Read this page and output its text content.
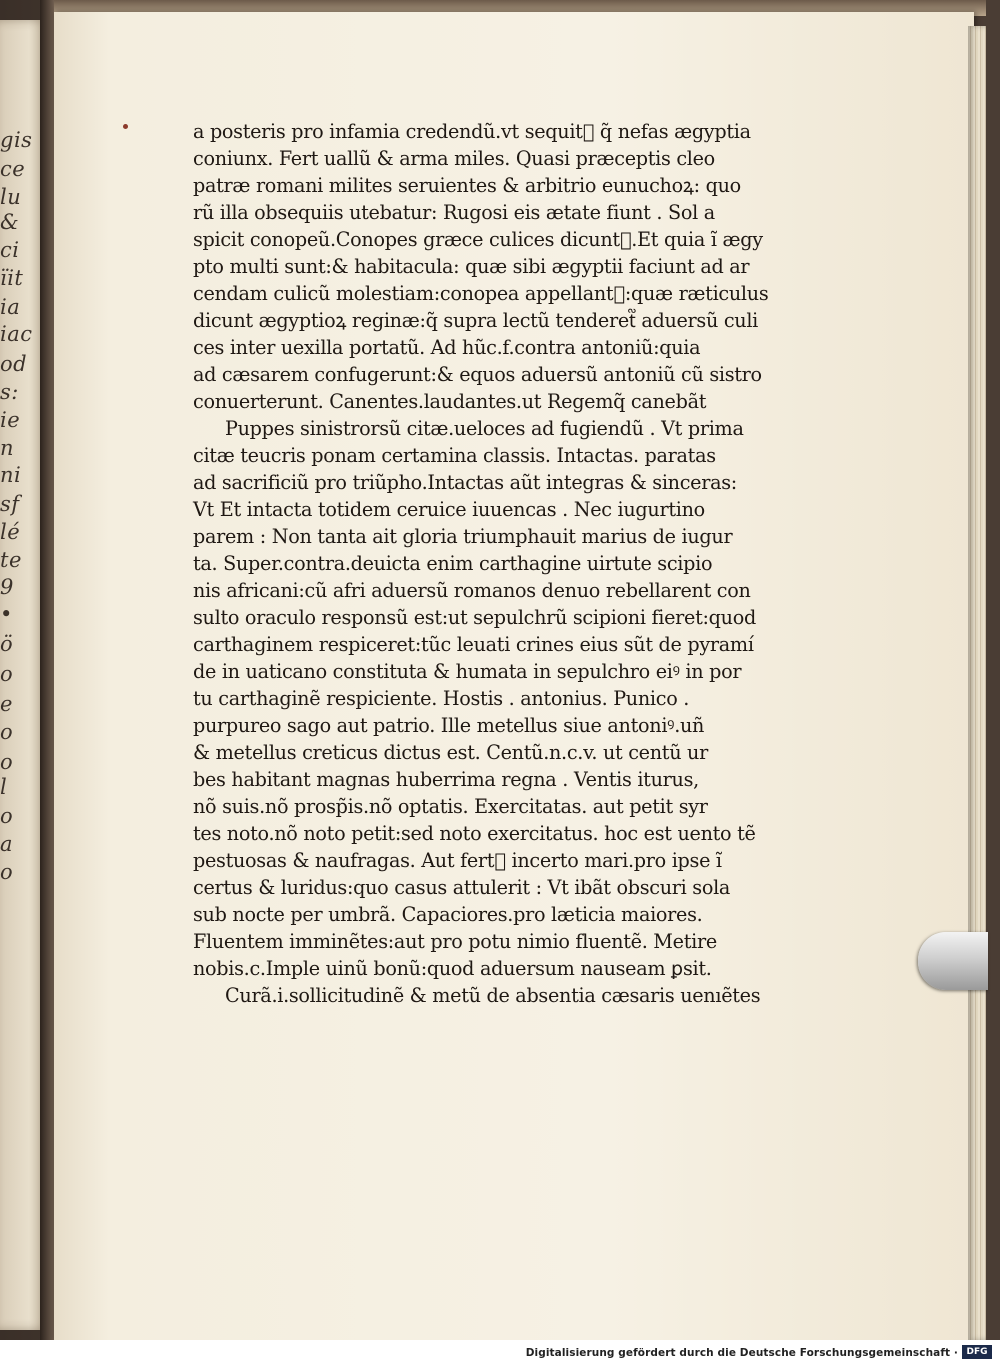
gis
ce
lu
&
ci
ïit
ia
iac
od
s:
ie
n
ni
sf
lé
te
9
•
ö
o
e
o
o
l
o
a
o
a posteris pro infamia credendũ.vt sequit᷑ q̃ nefas ægyptia
coniunx. Fert uallũ & arma miles. Quasi præceptis cleo
patræ romani milites seruientes & arbitrio eunuchoꝝ: quo
rũ illa obsequiis utebatur: Rugosi eis ætate fiunt . Sol a
spicit conopeũ.Conopes græce culices dicunt᷑.Et quia ĩ ægy
pto multi sunt:& habitacula: quæ sibi ægyptii faciunt ad ar
cendam culicũ molestiam:conopea appellant᷑:quæ ræticulus
dicunt ægyptioꝝ reginæ:q̃ supra lectũ tenderet᷑ aduersũ culi
ces inter uexilla portatũ. Ad hũc.f.contra antoniũ:quia
ad cæsarem confugerunt:& equos aduersũ antoniũ cũ sistro
conuerterunt. Canentes.laudantes.ut Regemq̃ canebãt
Puppes sinistrorsũ citæ.ueloces ad fugiendũ . Vt prima
citæ teucris ponam certamina classis. Intactas. paratas
ad sacrificiũ pro triũpho.Intactas aũt integras & sinceras:
Vt Et intacta totidem ceruice iuuencas . Nec iugurtino
parem : Non tanta ait gloria triumphauit marius de iugur
ta. Super.contra.deuicta enim carthagine uirtute scipio
nis africani:cũ afri aduersũ romanos denuo rebellarent con
sulto oraculo responsũ est:ut sepulchrũ scipioni fieret:quod
carthaginem respiceret:tũc leuati crines eius sũt de pyramí
de in uaticano constituta & humata in sepulchro eiꝰ in por
tu carthaginẽ respiciente. Hostis . antonius. Punico .
purpureo sago aut patrio. Ille metellus siue antoniꝰ.uñ
& metellus creticus dictus est. Centũ.n.c.v. ut centũ ur
bes habitant magnas huberrima regna . Ventis iturus,
nõ suis.nõ prosp̃is.nõ optatis. Exercitatas. aut petit syr
tes noto.nõ noto petit:sed noto exercitatus. hoc est uento tẽ
pestuosas & naufragas. Aut fert᷑ incerto mari.pro ipse ĩ
certus & luridus:quo casus attulerit : Vt ibãt obscuri sola
sub nocte per umbrã. Capaciores.pro læticia maiores.
Fluentem imminẽtes:aut pro potu nimio fluentẽ. Metire
nobis.c.Imple uinũ bonũ:quod aduersum nauseam ꝑsit.
Curã.i.sollicitudinẽ & metũ de absentia cæsaris uenıẽtes
Digitalisierung gefördert durch die Deutsche Forschungsgemeinschaft · DFG
